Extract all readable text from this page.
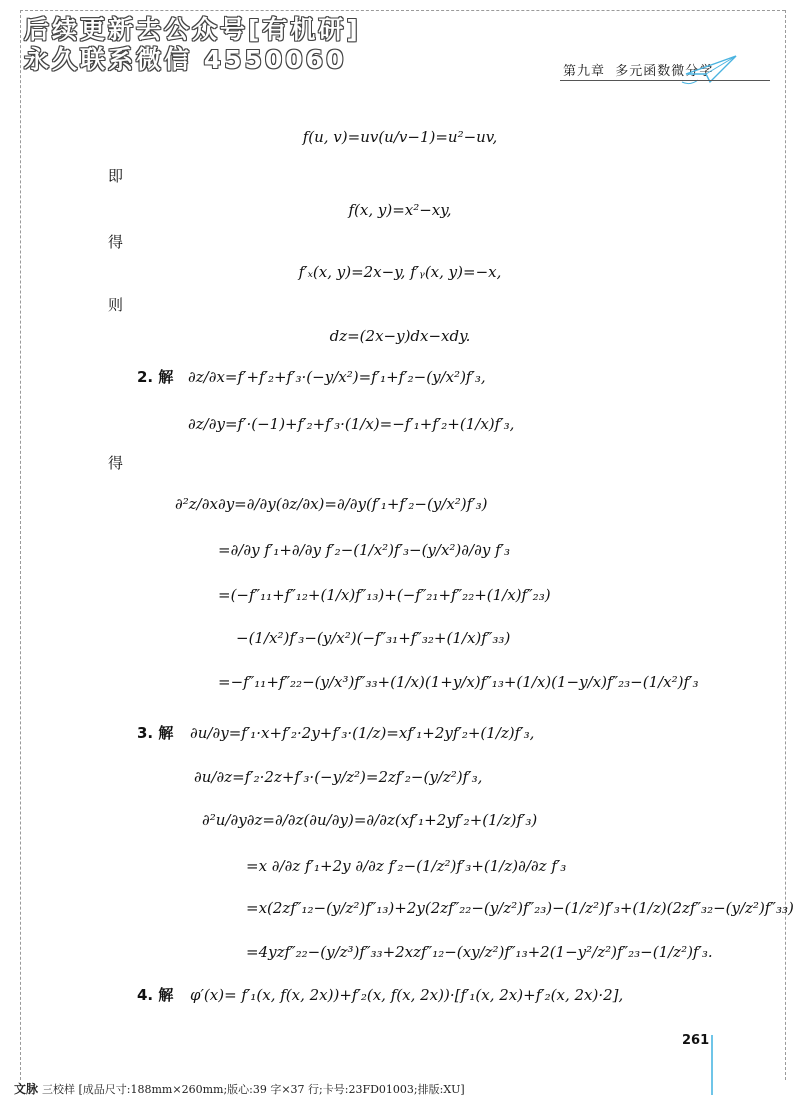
后续更新去公众号[有机研]
永久联系微信 4550060	第九章 多元函数微分学
f(u, v)=uv(u/v−1)=u²−uv,
即
f(x, y)=x²−xy,
得
f′ₓ(x, y)=2x−y, f′ᵧ(x, y)=−x,
则
dz=(2x−y)dx−xdy.
2. 解 ∂z/∂x=f′+f′₂+f′₃·(−y/x²)=f′₁+f′₂−(y/x²)f′₃,
∂z/∂y=f′·(−1)+f′₂+f′₃·(1/x)=−f′₁+f′₂+(1/x)f′₃,
得
∂²z/∂x∂y=∂/∂y(∂z/∂x)=∂/∂y(f′₁+f′₂−(y/x²)f′₃)
=∂/∂y f′₁+∂/∂y f′₂−(1/x²)f′₃−(y/x²)∂/∂y f′₃
=(−f″₁₁+f″₁₂+(1/x)f″₁₃)+(−f″₂₁+f″₂₂+(1/x)f″₂₃)
−(1/x²)f′₃−(y/x²)(−f″₃₁+f″₃₂+(1/x)f″₃₃)
=−f″₁₁+f″₂₂−(y/x³)f″₃₃+(1/x)(1+y/x)f″₁₃+(1/x)(1−y/x)f″₂₃−(1/x²)f′₃
3. 解 ∂u/∂y=f′₁·x+f′₂·2y+f′₃·(1/z)=xf′₁+2yf′₂+(1/z)f′₃,
∂u/∂z=f′₂·2z+f′₃·(−y/z²)=2zf′₂−(y/z²)f′₃,
∂²u/∂y∂z=∂/∂z(∂u/∂y)=∂/∂z(xf′₁+2yf′₂+(1/z)f′₃)
=x ∂/∂z f′₁+2y ∂/∂z f′₂−(1/z²)f′₃+(1/z)∂/∂z f′₃
=x(2zf″₁₂−(y/z²)f″₁₃)+2y(2zf″₂₂−(y/z²)f″₂₃)−(1/z²)f′₃+(1/z)(2zf″₃₂−(y/z²)f″₃₃)
=4yzf″₂₂−(y/z³)f″₃₃+2xzf″₁₂−(xy/z²)f″₁₃+2(1−y²/z²)f″₂₃−(1/z²)f′₃.
4. 解 φ′(x)= f′₁(x, f(x, 2x))+f′₂(x, f(x, 2x))·[f′₁(x, 2x)+f′₂(x, 2x)·2],
261
文脉 三校样 [成品尺寸:188mm×260mm;版心:39 字×37 行;卡号:23FD01003;排版:XU]
